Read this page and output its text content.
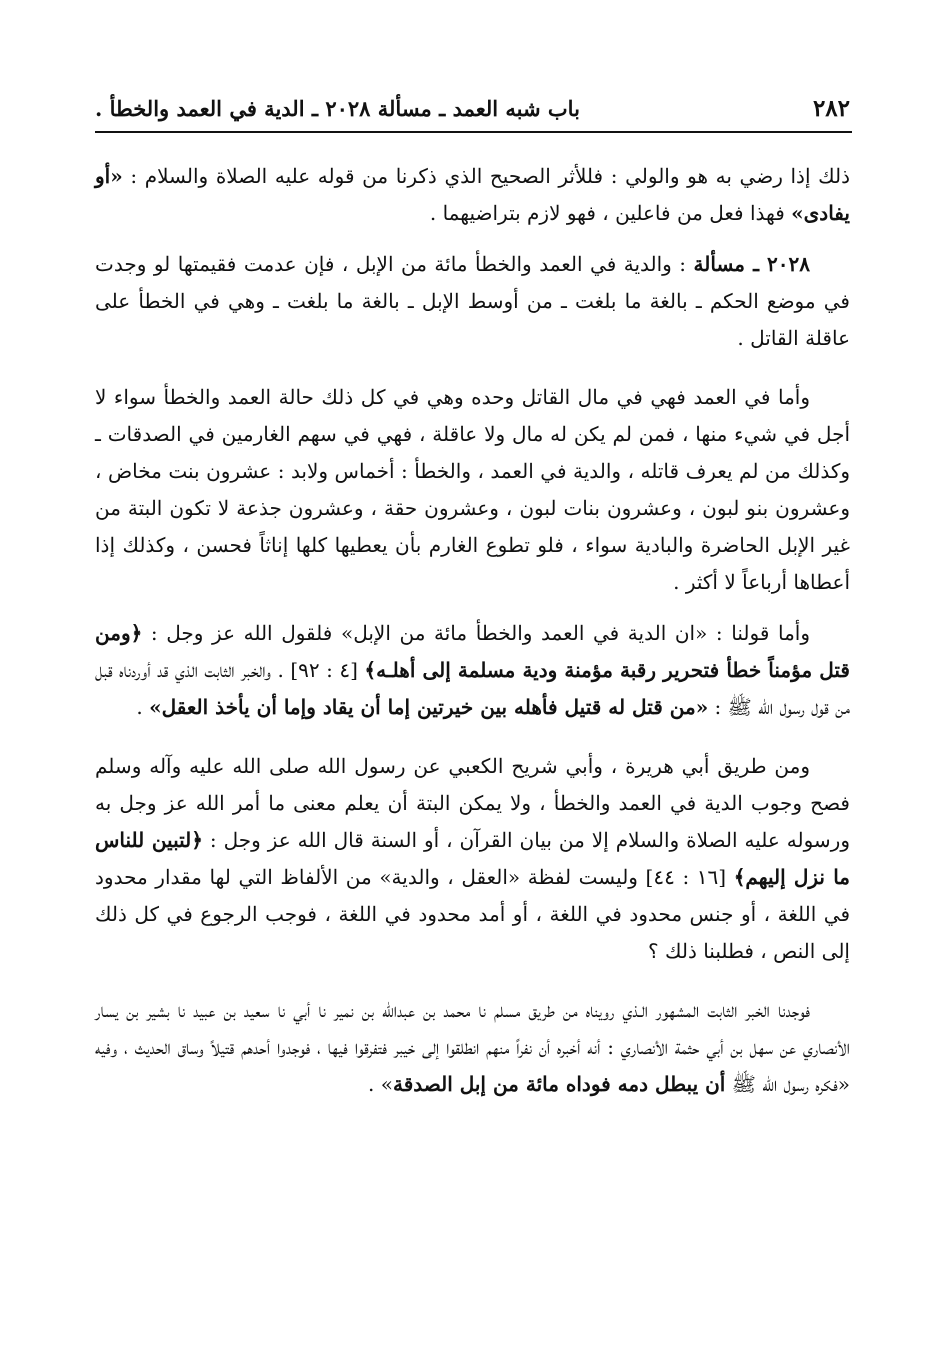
٢٨٢
باب شبه العمد ـ مسألة ٢٠٢٨ ـ الدية في العمد والخطأ .

ذلك إذا رضي به هو والولي : فللأثر الصحيح الذي ذكرنا من قوله عليه الصلاة والسلام : «أو يفادى» فهذا فعل من فاعلين ، فهو لازم بتراضيهما .

٢٠٢٨ ـ مسألة : والدية في العمد والخطأ مائة من الإبل ، فإن عدمت فقيمتها لو وجدت في موضع الحكم ـ بالغة ما بلغت ـ من أوسط الإبل ـ بالغة ما بلغت ـ وهي في الخطأ على عاقلة القاتل .

وأما في العمد فهي في مال القاتل وحده وهي في كل ذلك حالة العمد والخطأ سواء لا أجل في شيء منها ، فمن لم يكن له مال ولا عاقلة ، فهي في سهم الغارمين في الصدقات ـ وكذلك من لم يعرف قاتله ، والدية في العمد ، والخطأ : أخماس ولابد : عشرون بنت مخاض ، وعشرون بنو لبون ، وعشرون بنات لبون ، وعشرون حقة ، وعشرون جذعة لا تكون البتة من غير الإبل الحاضرة والبادية سواء ، فلو تطوع الغارم بأن يعطيها كلها إناثاً فحسن ، وكذلك إذا أعطاها أرباعاً لا أكثر .

وأما قولنا : «ان الدية في العمد والخطأ مائة من الإبل» فلقول الله عز وجل : ﴿ومن قتل مؤمناً خطأ فتحرير رقبة مؤمنة ودية مسلمة إلى أهلـه﴾ [٤ : ٩٢] . والخبر الثابت الذي قد أوردناه قبل من قول رسول الله ﷺ : «من قتل له قتيل فأهله بين خيرتين إما أن يقاد وإما أن يأخذ العقل» .

ومن طريق أبي هريرة ، وأبي شريح الكعبي عن رسول الله صلى الله عليه وآله وسلم فصح وجوب الدية في العمد والخطأ ، ولا يمكن البتة أن يعلم معنى ما أمر الله عز وجل به ورسوله عليه الصلاة والسلام إلا من بيان القرآن ، أو السنة قال الله عز وجل : ﴿لتبين للناس ما نزل إليهم﴾ [١٦ : ٤٤] وليست لفظة «العقل ، والدية» من الألفاظ التي لها مقدار محدود في اللغة ، أو جنس محدود في اللغة ، أو أمد محدود في اللغة ، فوجب الرجوع في كل ذلك إلى النص ، فطلبنا ذلك ؟

فوجدنا الخبر الثابت المشهور الـذي رويناه من طريق مسلم نا محمد بن عبدالله بن نمير نا أبي نا سعيد بن عبيد نا بشير بن يسار الأنصاري عن سهل بن أبي حثمة الأنصاري : أنه أخبره أن نفراً منهم انطلقوا إلى خيبر فتفرقوا فيها ، فوجدوا أحدهم قتيلاً وساق الحديث ، وفيه «فكره رسول الله ﷺ أن يبطل دمه فوداه مائة من إبل الصدقة» .
